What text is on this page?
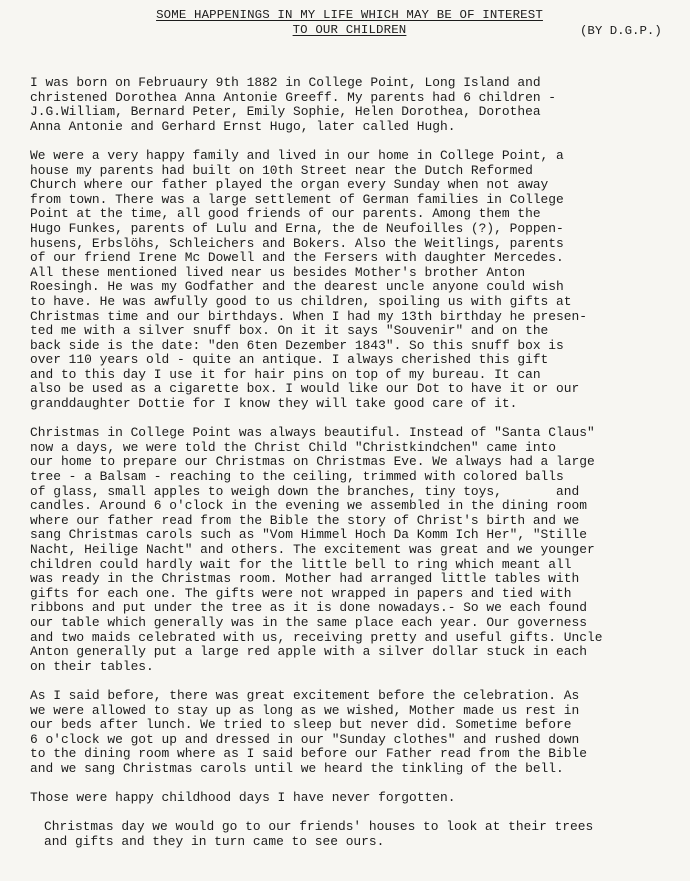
SOME HAPPENINGS IN MY LIFE WHICH MAY BE OF INTEREST
TO OUR CHILDREN	(BY D.G.P.)
I was born on Februaury 9th 1882 in College Point, Long Island and
christened Dorothea Anna Antonie Greeff. My parents had 6 children -
J.G.William, Bernard Peter, Emily Sophie, Helen Dorothea, Dorothea
Anna Antonie and Gerhard Ernst Hugo, later called Hugh.
We were a very happy family and lived in our home in College Point, a
house my parents had built on 10th Street near the Dutch Reformed
Church where our father played the organ every Sunday when not away
from town. There was a large settlement of German families in College
Point at the time, all good friends of our parents. Among them the
Hugo Funkes, parents of Lulu and Erna, the de Neufoilles (?), Poppen-
husens, Erbslöhs, Schleichers and Bokers. Also the Weitlings, parents
of our friend Irene Mc Dowell and the Fersers with daughter Mercedes.
All these mentioned lived near us besides Mother's brother Anton
Roesingh. He was my Godfather and the dearest uncle anyone could wish
to have. He was awfully good to us children, spoiling us with gifts at
Christmas time and our birthdays. When I had my 13th birthday he presen-
ted me with a silver snuff box. On it it says "Souvenir" and on the
back side is the date: "den 6ten Dezember 1843". So this snuff box is
over 110 years old - quite an antique. I always cherished this gift
and to this day I use it for hair pins on top of my bureau. It can
also be used as a cigarette box. I would like our Dot to have it or our
granddaughter Dottie for I know they will take good care of it.
Christmas in College Point was always beautiful. Instead of "Santa Claus"
now a days, we were told the Christ Child "Christkindchen" came into
our home to prepare our Christmas on Christmas Eve. We always had a large
tree - a Balsam - reaching to the ceiling, trimmed with colored balls
of glass, small apples to weigh down the branches, tiny toys,       and
candles. Around 6 o'clock in the evening we assembled in the dining room
where our father read from the Bible the story of Christ's birth and we
sang Christmas carols such as "Vom Himmel Hoch Da Komm Ich Her", "Stille
Nacht, Heilige Nacht" and others. The excitement was great and we younger
children could hardly wait for the little bell to ring which meant all
was ready in the Christmas room. Mother had arranged little tables with
gifts for each one. The gifts were not wrapped in papers and tied with
ribbons and put under the tree as it is done nowadays.- So we each found
our table which generally was in the same place each year. Our governess
and two maids celebrated with us, receiving pretty and useful gifts. Uncle
Anton generally put a large red apple with a silver dollar stuck in each
on their tables.
As I said before, there was great excitement before the celebration. As
we were allowed to stay up as long as we wished, Mother made us rest in
our beds after lunch. We tried to sleep but never did. Sometime before
6 o'clock we got up and dressed in our "Sunday clothes" and rushed down
to the dining room where as I said before our Father read from the Bible
and we sang Christmas carols until we heard the tinkling of the bell.
Those were happy childhood days I have never forgotten.
Christmas day we would go to our friends' houses to look at their trees
and gifts and they in turn came to see ours.
